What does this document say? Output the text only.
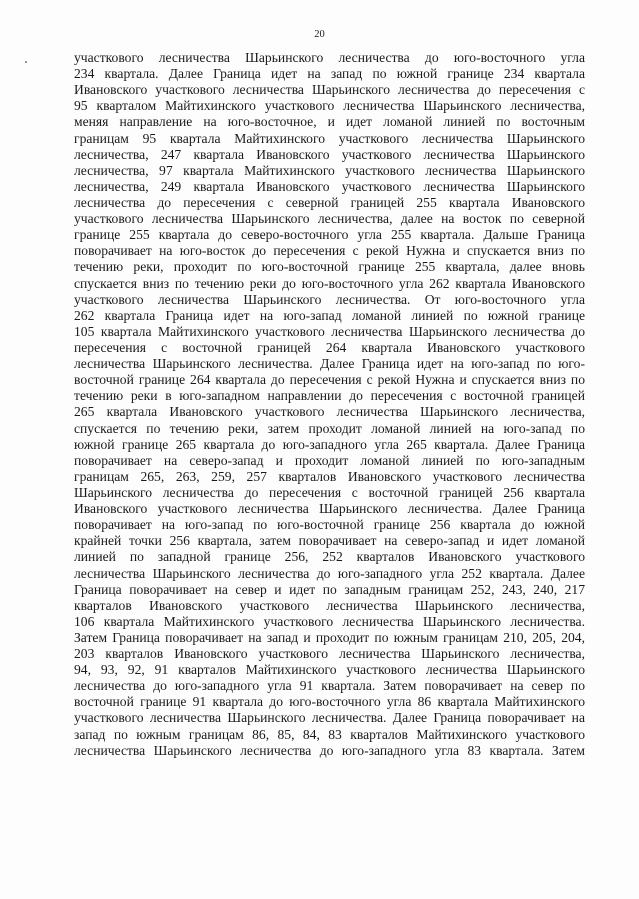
20
участкового лесничества Шарьинского лесничества до юго-восточного угла
234 квартала. Далее Граница идет на запад по южной границе 234 квартала
Ивановского участкового лесничества Шарьинского лесничества до пересечения с
95 кварталом Майтихинского участкового лесничества Шарьинского лесничества,
меняя направление на юго-восточное, и идет ломаной линией по восточным
границам 95 квартала Майтихинского участкового лесничества Шарьинского
лесничества, 247 квартала Ивановского участкового лесничества Шарьинского
лесничества, 97 квартала Майтихинского участкового лесничества Шарьинского
лесничества, 249 квартала Ивановского участкового лесничества Шарьинского
лесничества до пересечения с северной границей 255 квартала Ивановского
участкового лесничества Шарьинского лесничества, далее на восток по северной
границе 255 квартала до северо-восточного угла 255 квартала. Дальше Граница
поворачивает на юго-восток до пересечения с рекой Нужна и спускается вниз по
течению реки, проходит по юго-восточной границе 255 квартала, далее вновь
спускается вниз по течению реки до юго-восточного угла 262 квартала Ивановского
участкового лесничества Шарьинского лесничества. От юго-восточного угла
262 квартала Граница идет на юго-запад ломаной линией по южной границе
105 квартала Майтихинского участкового лесничества Шарьинского лесничества до
пересечения с восточной границей 264 квартала Ивановского участкового
лесничества Шарьинского лесничества. Далее Граница идет на юго-запад по юго-
восточной границе 264 квартала до пересечения с рекой Нужна и спускается вниз по
течению реки в юго-западном направлении до пересечения с восточной границей
265 квартала Ивановского участкового лесничества Шарьинского лесничества,
спускается по течению реки, затем проходит ломаной линией на юго-запад по
южной границе 265 квартала до юго-западного угла 265 квартала. Далее Граница
поворачивает на северо-запад и проходит ломаной линией по юго-западным
границам 265, 263, 259, 257 кварталов Ивановского участкового лесничества
Шарьинского лесничества до пересечения с восточной границей 256 квартала
Ивановского участкового лесничества Шарьинского лесничества. Далее Граница
поворачивает на юго-запад по юго-восточной границе 256 квартала до южной
крайней точки 256 квартала, затем поворачивает на северо-запад и идет ломаной
линией по западной границе 256, 252 кварталов Ивановского участкового
лесничества Шарьинского лесничества до юго-западного угла 252 квартала. Далее
Граница поворачивает на север и идет по западным границам 252, 243, 240, 217
кварталов Ивановского участкового лесничества Шарьинского лесничества,
106 квартала Майтихинского участкового лесничества Шарьинского лесничества.
Затем Граница поворачивает на запад и проходит по южным границам 210, 205, 204,
203 кварталов Ивановского участкового лесничества Шарьинского лесничества,
94, 93, 92, 91 кварталов Майтихинского участкового лесничества Шарьинского
лесничества до юго-западного угла 91 квартала. Затем поворачивает на север по
восточной границе 91 квартала до юго-восточного угла 86 квартала Майтихинского
участкового лесничества Шарьинского лесничества. Далее Граница поворачивает на
запад по южным границам 86, 85, 84, 83 кварталов Майтихинского участкового
лесничества Шарьинского лесничества до юго-западного угла 83 квартала. Затем
